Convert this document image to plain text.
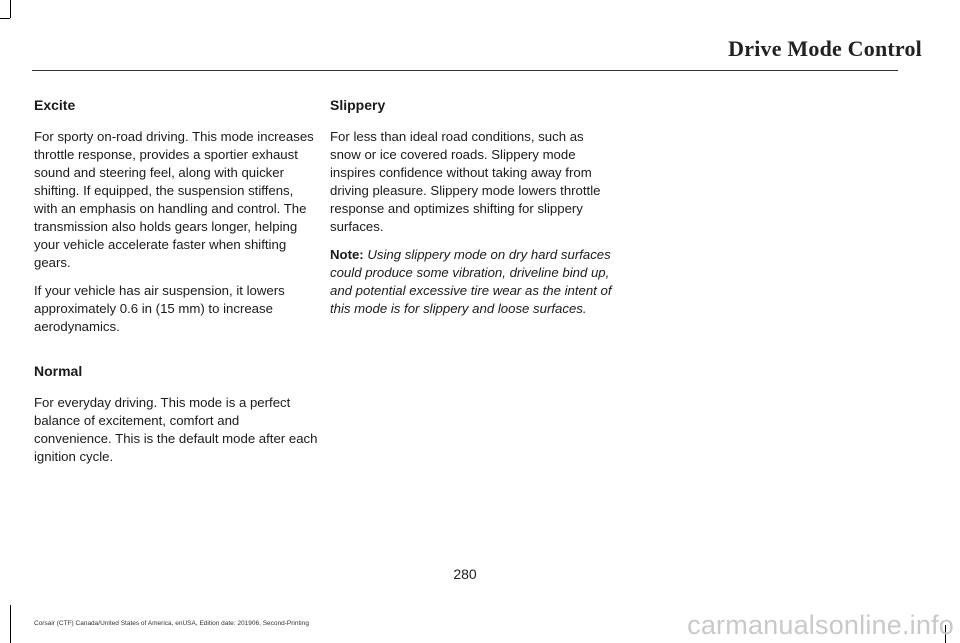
Drive Mode Control
Excite

For sporty on-road driving. This mode increases throttle response, provides a sportier exhaust sound and steering feel, along with quicker shifting. If equipped, the suspension stiffens, with an emphasis on handling and control. The transmission also holds gears longer, helping your vehicle accelerate faster when shifting gears.

If your vehicle has air suspension, it lowers approximately 0.6 in (15 mm) to increase aerodynamics.

Normal

For everyday driving. This mode is a perfect balance of excitement, comfort and convenience. This is the default mode after each ignition cycle.

Slippery

For less than ideal road conditions, such as snow or ice covered roads. Slippery mode inspires confidence without taking away from driving pleasure. Slippery mode lowers throttle response and optimizes shifting for slippery surfaces.

Note: Using slippery mode on dry hard surfaces could produce some vibration, driveline bind up, and potential excessive tire wear as the intent of this mode is for slippery and loose surfaces.

280
Corsair (CTF) Canada/United States of America, enUSA, Edition date: 201906, Second-Printing	carmanualsonline.info
